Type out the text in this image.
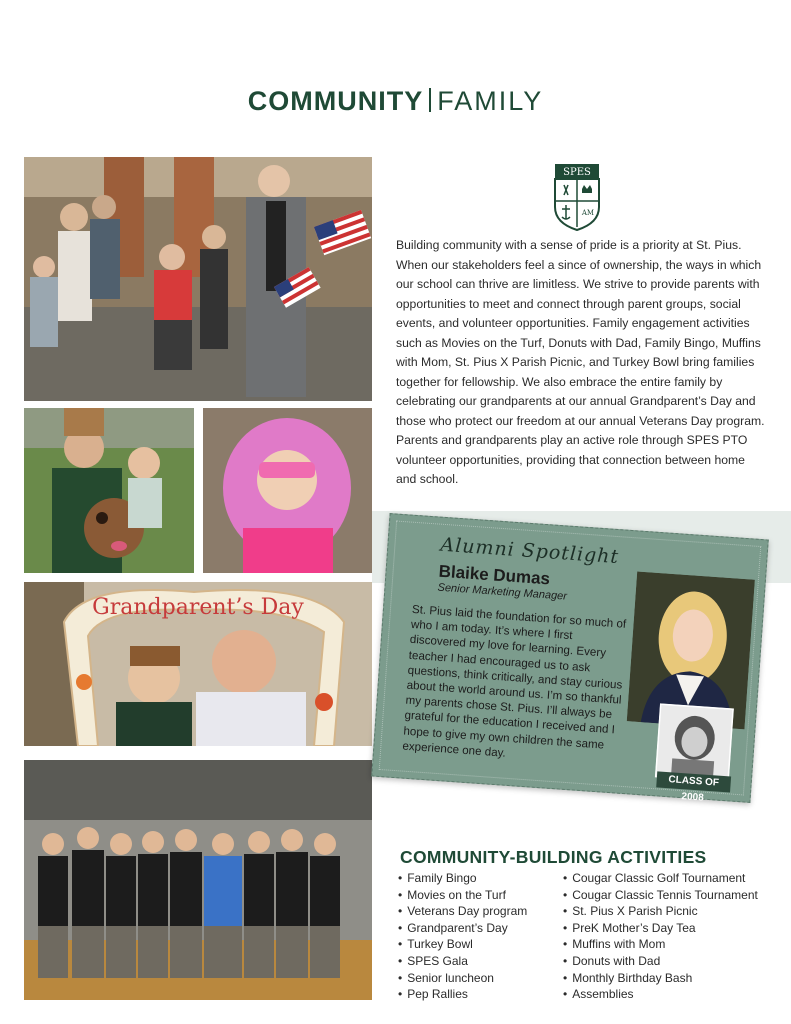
COMMUNITY FAMILY
Grandparent’s Day
SPES
AM
Building community with a sense of pride is a priority at St. Pius. When our stakeholders feel a since of ownership, the ways in which our school can thrive are limitless. We strive to provide parents with opportunities to meet and connect through parent groups, social events, and volunteer opportunities. Family engagement activities such as Movies on the Turf, Donuts with Dad, Family Bingo, Muffins with Mom, St. Pius X Parish Picnic, and Turkey Bowl bring families together for fellowship. We also embrace the entire family by celebrating our grandparents at our annual Grandparent’s Day and those who protect our freedom at our annual Veterans Day program. Parents and grandparents play an active role through SPES PTO volunteer opportunities, providing that connection between home and school.
Alumni Spotlight
Blaike Dumas
Senior Marketing Manager
St. Pius laid the foundation for so much of who I am today. It’s where I first discovered my love for learning. Every teacher I had encouraged us to ask questions, think critically, and stay curious about the world around us. I’m so thankful my parents chose St. Pius. I’ll always be grateful for the education I received and I hope to give my own children the same experience one day.
CLASS OF 2008
COMMUNITY-BUILDING ACTIVITIES
• Family Bingo
• Movies on the Turf
• Veterans Day program
• Grandparent’s Day
• Turkey Bowl
• SPES Gala
• Senior luncheon
• Pep Rallies
• Cougar Classic Golf Tournament
• Cougar Classic Tennis Tournament
• St. Pius X Parish Picnic
• PreK Mother’s Day Tea
• Muffins with Mom
• Donuts with Dad
• Monthly Birthday Bash
• Assemblies
